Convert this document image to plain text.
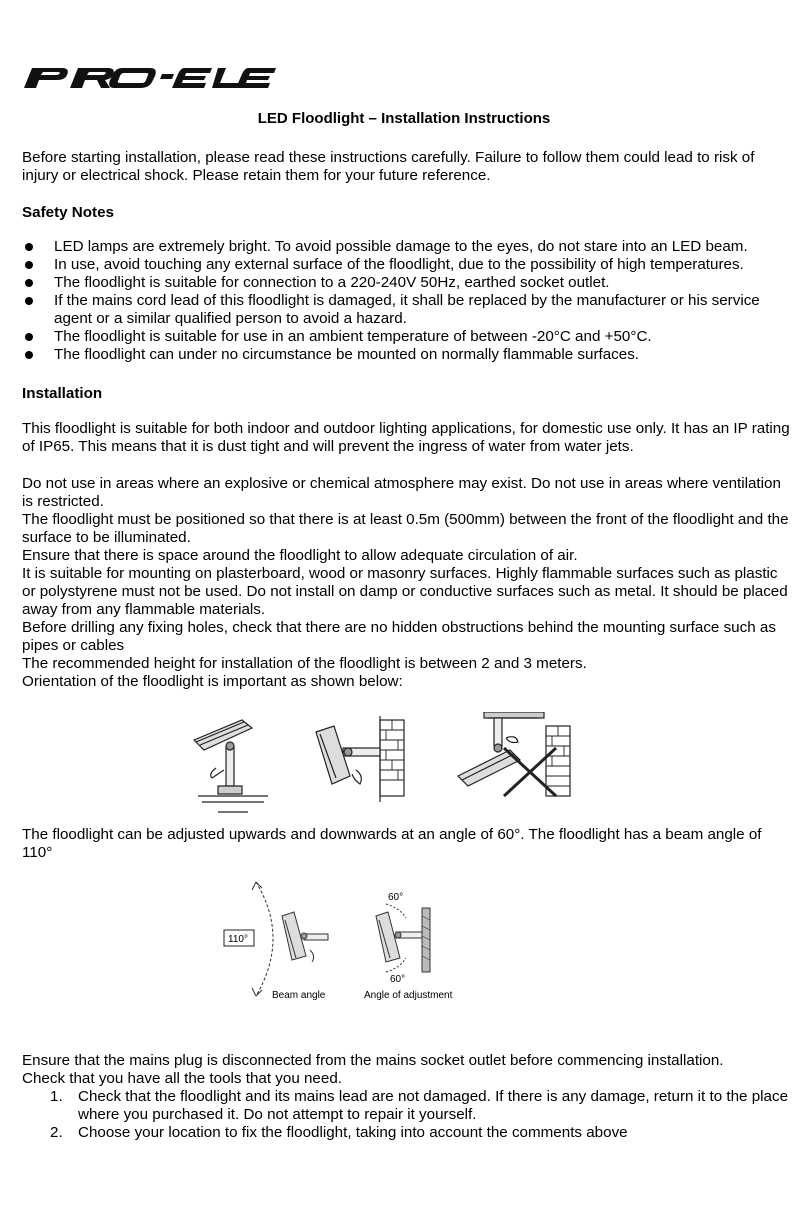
LED Floodlight – Installation Instructions
Before starting installation, please read these instructions carefully. Failure to follow them could lead to risk of injury or electrical shock. Please retain them for your future reference.
Safety Notes
LED lamps are extremely bright. To avoid possible damage to the eyes, do not stare into an LED beam.
In use, avoid touching any external surface of the floodlight, due to the possibility of high temperatures.
The floodlight is suitable for connection to a 220-240V 50Hz, earthed socket outlet.
If the mains cord lead of this floodlight is damaged, it shall be replaced by the manufacturer or his service agent or a similar qualified person to avoid a hazard.
The floodlight is suitable for use in an ambient temperature of between -20°C and +50°C.
The floodlight can under no circumstance be mounted on normally flammable surfaces.
Installation
This floodlight is suitable for both indoor and outdoor lighting applications, for domestic use only. It has an IP rating of IP65. This means that it is dust tight and will prevent the ingress of water from water jets.
Do not use in areas where an explosive or chemical atmosphere may exist. Do not use in areas where ventilation is restricted.
The floodlight must be positioned so that there is at least 0.5m (500mm) between the front of the floodlight and the surface to be illuminated.
Ensure that there is space around the floodlight to allow adequate circulation of air.
It is suitable for mounting on plasterboard, wood or masonry surfaces. Highly flammable surfaces such as plastic or polystyrene must not be used. Do not install on damp or conductive surfaces such as metal. It should be placed away from any flammable materials.
Before drilling any fixing holes, check that there are no hidden obstructions behind the mounting surface such as pipes or cables
The recommended height for installation of the floodlight is between 2 and 3 meters.
Orientation of the floodlight is important as shown below:
The floodlight can be adjusted upwards and downwards at an angle of 60°. The floodlight has a beam angle of 110°
110°
Beam angle
60°
60°
Angle of adjustment
Ensure that the mains plug is disconnected from the mains socket outlet before commencing installation.
Check that you have all the tools that you need.
1. Check that the floodlight and its mains lead are not damaged. If there is any damage, return it to the place where you purchased it. Do not attempt to repair it yourself.
2. Choose your location to fix the floodlight, taking into account the comments above
